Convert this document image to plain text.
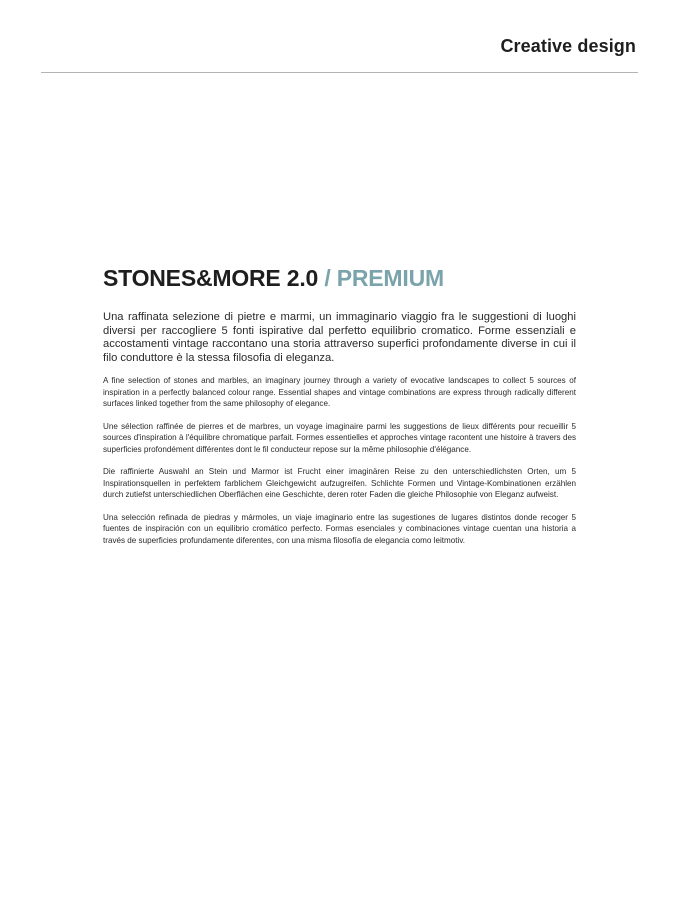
Creative design
STONES&MORE 2.0 / PREMIUM

Una raffinata selezione di pietre e marmi, un immaginario viaggio fra le suggestioni di luoghi diversi per raccogliere 5 fonti ispirative dal perfetto equilibrio cromatico. Forme essenziali e accostamenti vintage raccontano una storia attraverso superfici profondamente diverse in cui il filo conduttore è la stessa filosofia di eleganza.

A fine selection of stones and marbles, an imaginary journey through a variety of evocative landscapes to collect 5 sources of inspiration in a perfectly balanced colour range. Essential shapes and vintage combinations are express through radically different surfaces linked together from the same philosophy of elegance.

Une sélection raffinée de pierres et de marbres, un voyage imaginaire parmi les suggestions de lieux différents pour recueillir 5 sources d'inspiration à l'équilibre chromatique parfait. Formes essentielles et approches vintage racontent une histoire à travers des superficies profondément différentes dont le fil conducteur repose sur la même philosophie d'élégance.

Die raffinierte Auswahl an Stein und Marmor ist Frucht einer imaginären Reise zu den unterschiedlichsten Orten, um 5 Inspirationsquellen in perfektem farblichem Gleichgewicht aufzugreifen. Schlichte Formen und Vintage-Kombinationen erzählen durch zutiefst unterschiedlichen Oberflächen eine Geschichte, deren roter Faden die gleiche Philosophie von Eleganz aufweist.

Una selección refinada de piedras y mármoles, un viaje imaginario entre las sugestiones de lugares distintos donde recoger 5 fuentes de inspiración con un equilibrio cromático perfecto. Formas esenciales y combinaciones vintage cuentan una historia a través de superficies profundamente diferentes, con una misma filosofía de elegancia como leitmotiv.
